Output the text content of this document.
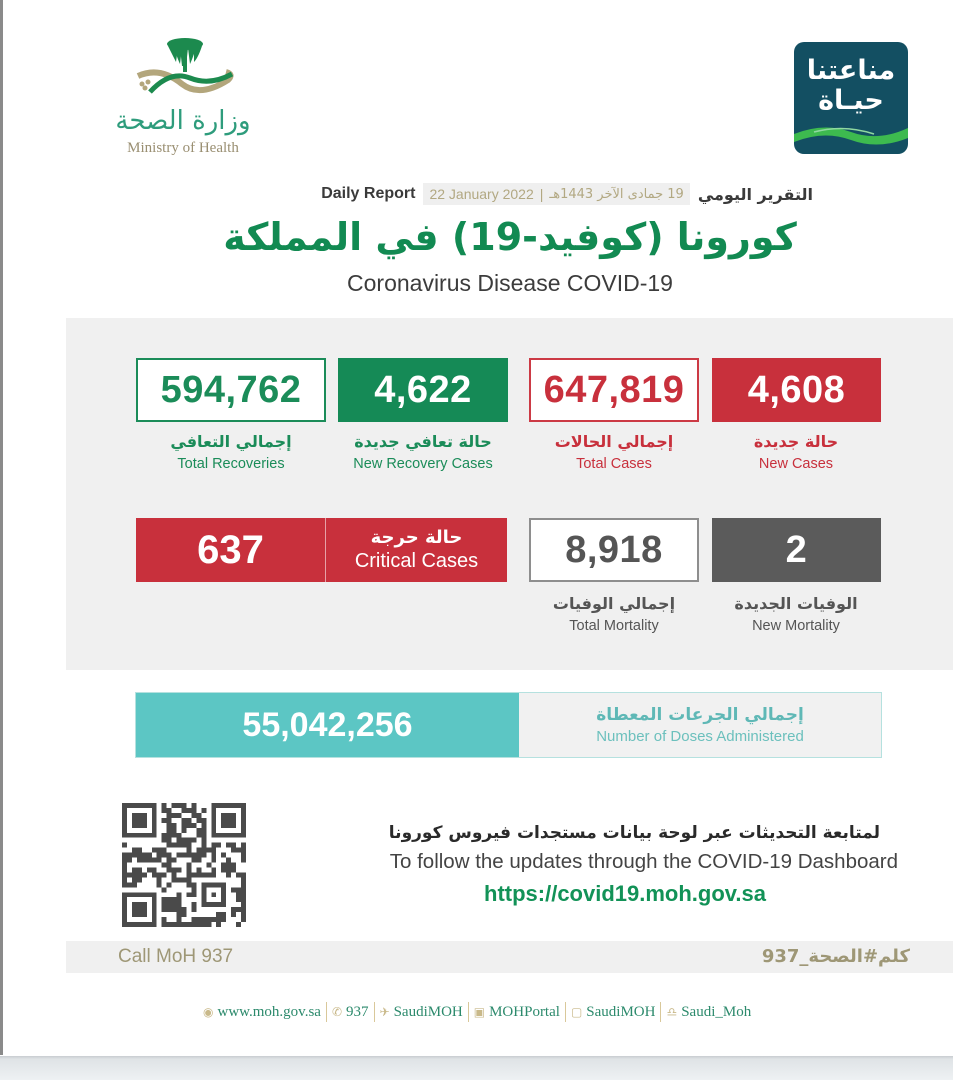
وزارة الصحة
Ministry of Health
مناعتنا
حيـاة
Daily Report 22 January 2022 | 19 جمادى الآخر 1443هـ التقرير اليومي
كورونا (كوفيد-19) في المملكة
Coronavirus Disease COVID-19
594,762	4,622	647,819	4,608
إجمالي التعافي
Total Recoveries
حالة تعافي جديدة
New Recovery Cases
إجمالي الحالات
Total Cases
حالة جديدة
New Cases
637	حالة حرجة
Critical Cases	8,918	2
إجمالي الوفيات
Total Mortality
الوفيات الجديدة
New Mortality
55,042,256	إجمالي الجرعات المعطاة
Number of Doses Administered
لمتابعة التحديثات عبر لوحة بيانات مستجدات فيروس كورونا
To follow the updates through the COVID-19 Dashboard
https://covid19.moh.gov.sa
Call MoH 937	كلم#الصحة_937
◉ www.moh.gov.sa ✆ 937 ✈ SaudiMOH ▣ MOHPortal ▢ SaudiMOH ♎ Saudi_Moh
